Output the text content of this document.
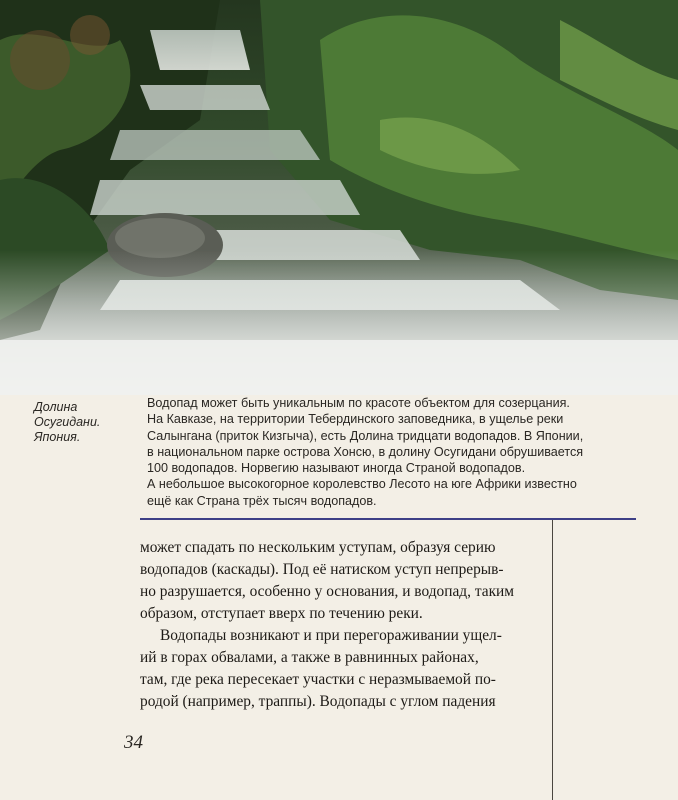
Долина
Осугидани.
Япония.
Водопад может быть уникальным по красоте объектом для созерцания.
На Кавказе, на территории Тебердинского заповедника, в ущелье реки
Салынгана (приток Кизгыча), есть Долина тридцати водопадов. В Японии,
в национальном парке острова Хонсю, в долину Осугидани обрушивается
100 водопадов. Норвегию называют иногда Страной водопадов.
А небольшое высокогорное королевство Лесото на юге Африки известно
ещё как Страна трёх тысяч водопадов.
может спадать по нескольким уступам, образуя серию
водопадов (каскады). Под её натиском уступ непрерыв-
но разрушается, особенно у основания, и водопад, таким
образом, отступает вверх по течению реки.
Водопады возникают и при перегораживании ущел-
ий в горах обвалами, а также в равнинных районах,
там, где река пересекает участки с неразмываемой по-
родой (например, траппы). Водопады с углом падения
34
